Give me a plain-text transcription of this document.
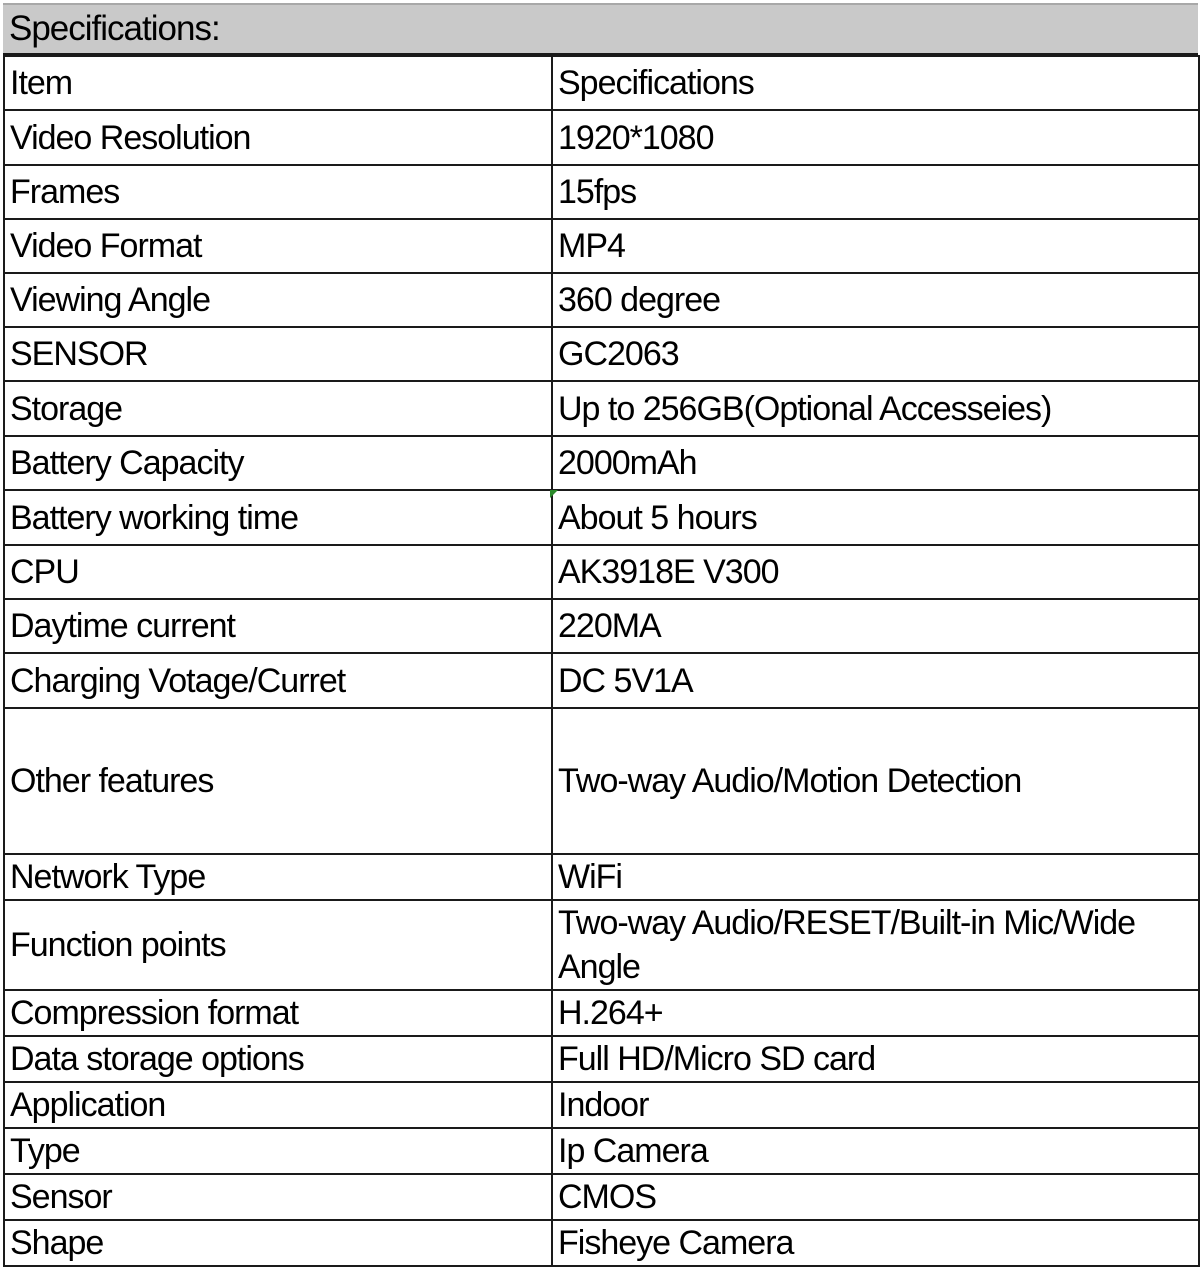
Specifications:
Item	Specifications
Video Resolution	1920*1080
Frames	15fps
Video Format	MP4
Viewing Angle	360 degree
SENSOR	GC2063
Storage	Up to 256GB(Optional Accesseies)
Battery Capacity	2000mAh
Battery working time	About 5 hours
CPU	AK3918E V300
Daytime current	220MA
Charging Votage/Curret	DC 5V1A
Other features	Two-way Audio/Motion Detection
Network Type	WiFi
Function points	Two-way Audio/RESET/Built-in Mic/Wide Angle
Compression format	H.264+
Data storage options	Full HD/Micro SD card
Application	Indoor
Type	Ip Camera
Sensor	CMOS
Shape	Fisheye Camera
